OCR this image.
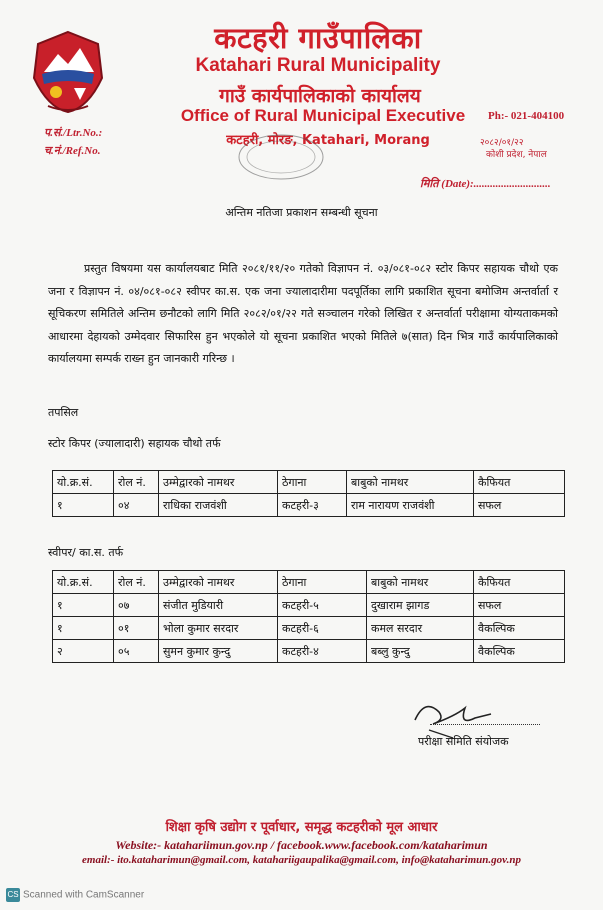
कटहरी गाउँपालिका
Katahari Rural Municipality
गाउँ कार्यपालिकाको कार्यालय
Office of Rural Municipal Executive
कटहरी, मोरङ, Katahari, Morang
प.सं./Ltr.No.:
च.नं./Ref.No.
Ph:- 021-404100
२०८२/०१/२२
कोशी प्रदेश, नेपाल
मिति (Date):............................
अन्तिम नतिजा प्रकाशन सम्बन्धी सूचना
प्रस्तुत विषयमा यस कार्यालयबाट मिति २०८१/११/२० गतेको विज्ञापन नं. ०३/०८१-०८२ स्टोर किपर सहायक चौथो एक जना र विज्ञापन नं. ०४/०८१-०८२ स्वीपर का.स. एक जना ज्यालादारीमा पदपूर्तिका लागि प्रकाशित सूचना बमोजिम अन्तर्वार्ता र सूचिकरण समितिले अन्तिम छनौटको लागि मिति २०८२/०१/२२ गते सञ्चालन गरेको लिखित र अन्तर्वार्ता परीक्षामा योग्यताकमको आधारमा देहायको उम्मेदवार सिफारिस हुन भएकोले यो सूचना प्रकाशित भएको मितिले ७(सात) दिन भित्र गाउँ कार्यपालिकाको कार्यालयमा सम्पर्क राख्न हुन जानकारी गरिन्छ ।
तपसिल
स्टोर किपर (ज्यालादारी) सहायक चौथो तर्फ
यो.क्र.सं.	रोल नं.	उम्मेद्वारको नामथर	ठेगाना	बाबुको नामथर	कैफियत
१	०४	राधिका राजवंशी	कटहरी-३	राम नारायण राजवंशी	सफल
स्वीपर/ का.स. तर्फ
यो.क्र.सं.	रोल नं.	उम्मेद्वारको नामथर	ठेगाना	बाबुको नामथर	कैफियत
१	०७	संजीत मुडियारी	कटहरी-५	दुखाराम झागड	सफल
१	०१	भोला कुमार सरदार	कटहरी-६	कमल सरदार	वैकल्पिक
२	०५	सुमन कुमार कुन्दु	कटहरी-४	बब्लु कुन्दु	वैकल्पिक
परीक्षा समिति संयोजक
शिक्षा कृषि उद्योग र पूर्वाधार, समृद्ध कटहरीको मूल आधार
Website:- katahariimun.gov.np / facebook.www.facebook.com/kataharimun
email:- ito.kataharimun@gmail.com, katahariigaupalika@gmail.com, info@kataharimun.gov.np
CS Scanned with CamScanner
